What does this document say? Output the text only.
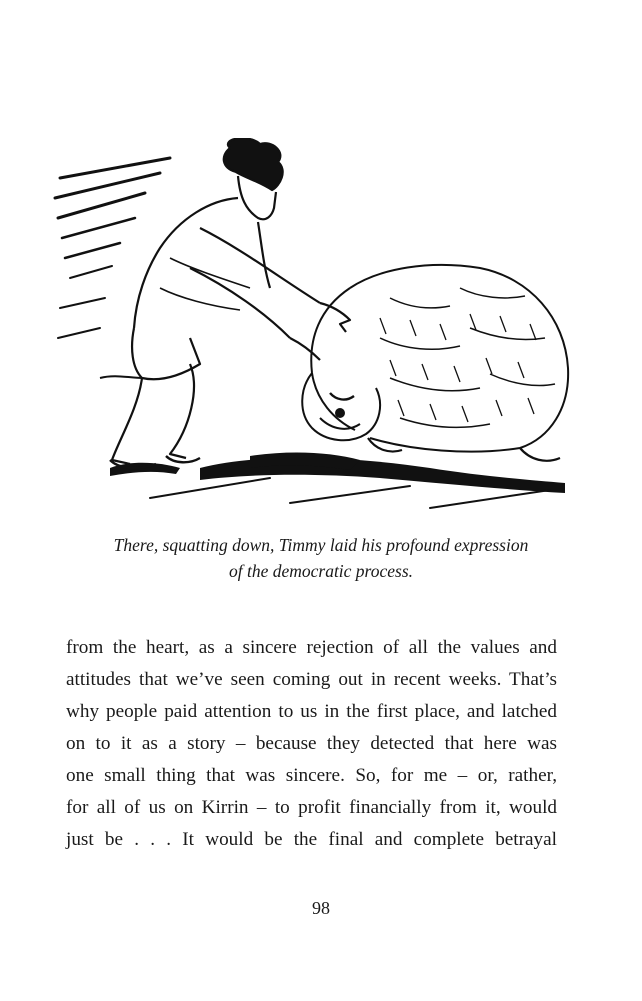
There, squatting down, Timmy laid his profound expression
of the democratic process.
from the heart, as a sincere rejection of all the values and
attitudes that we’ve seen coming out in recent weeks. That’s
why people paid attention to us in the first place, and latched
on to it as a story – because they detected that here was
one small thing that was sincere. So, for me – or, rather,
for all of us on Kirrin – to profit financially from it, would
just be . . . It would be the final and complete betrayal
98
